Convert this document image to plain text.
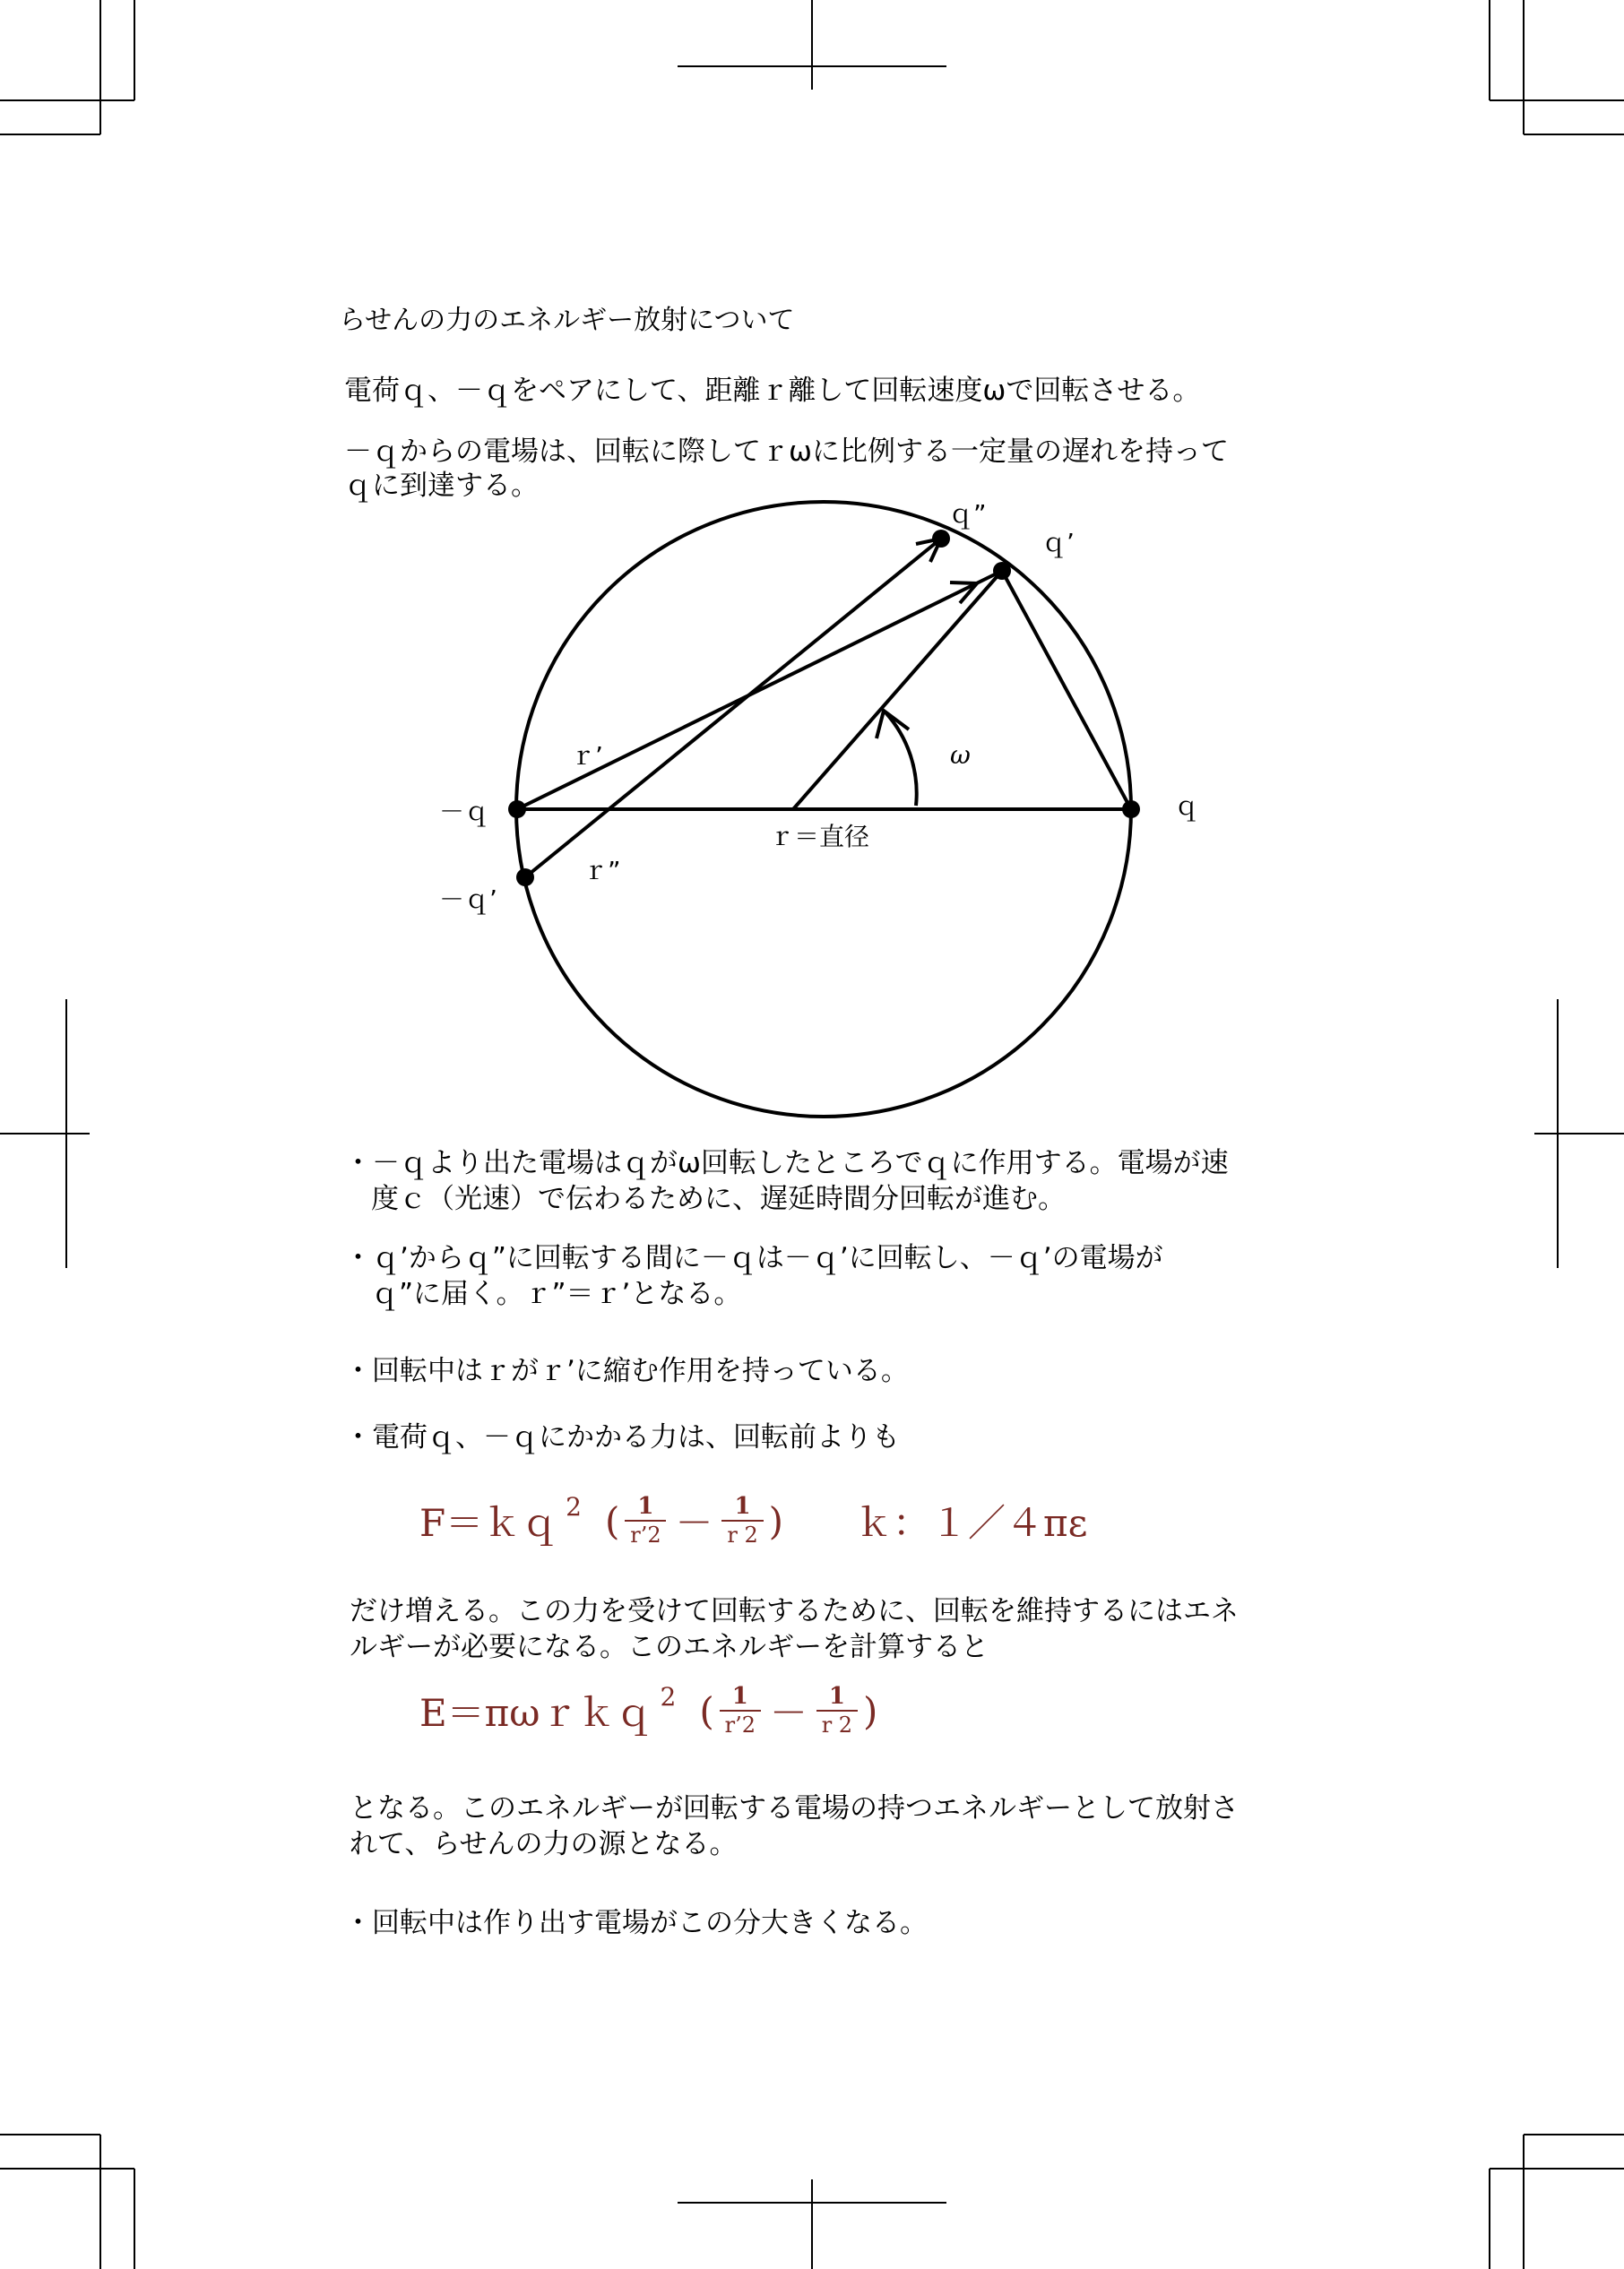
らせんの力のエネルギー放射について
電荷ｑ、－ｑをペアにして、距離ｒ離して回転速度ωで回転させる。
－ｑからの電場は、回転に際してｒωに比例する一定量の遅れを持って
ｑに到達する。
ｑ”
ｑ’
ω
ｒ’
－ｑ	ｑ
ｒ＝直径
ｒ”
－ｑ’
・－ｑより出た電場はｑがω回転したところでｑに作用する。電場が速
度ｃ（光速）で伝わるために、遅延時間分回転が進む。
・ｑ’からｑ”に回転する間に－ｑは－ｑ’に回転し、－ｑ’の電場が
ｑ”に届く。ｒ”＝ｒ’となる。
・回転中はｒがｒ’に縮む作用を持っている。
・電荷ｑ、－ｑにかかる力は、回転前よりも
F＝ｋｑ 2 ( $\frac{1}{r’2} - \frac{1}{r 2}$ ) ｋ：１／４πε
だけ増える。この力を受けて回転するために、回転を維持するにはエネ
ルギーが必要になる。このエネルギーを計算すると
E＝πωｒｋｑ 2 ( $\frac{1}{r’2} - \frac{1}{r 2}$ )
となる。このエネルギーが回転する電場の持つエネルギーとして放射さ
れて、らせんの力の源となる。
・回転中は作り出す電場がこの分大きくなる。
